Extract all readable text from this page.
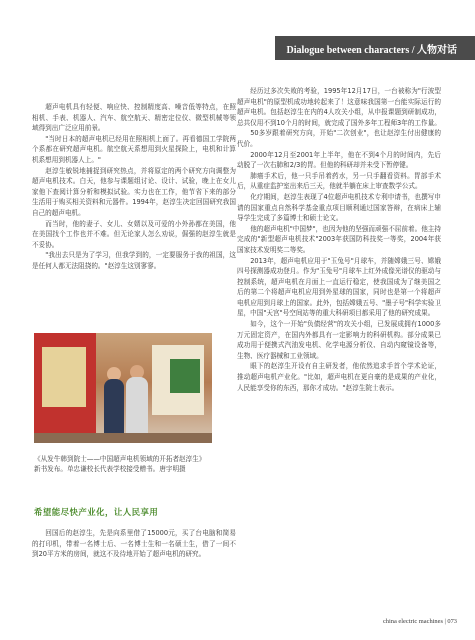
Dialogue between characters / 人物对话

超声电机具有轻便、响应快、控制精度高、噪音低等特点，在照相机、手表、机器人、汽车、航空航天、精密定位仪、微型机械等领域得到出广泛应用前景。

"当时日本的超声电机已经用在照相机上面了。再看德国工学院两个系都在研究超声电机。航空航天系想用到火星探险上，电机和计算机系想用到机器人上。"

赵淳生敏锐地捕捉到研究热点，并将原定的两个研究方向调整为超声电机技术。白天，他参与课题组讨论、设计、试验，晚上在女儿家他下查阅计算分析和模拟试验。实力也在工作，他节省下来的部分生活用于购买相关资料和元器件。1994年，赵淳生决定回国研究我国自己的超声电机。

而当时，他的妻子、女儿、女婿以及可爱的小外孙都在美国，他在美国找个工作也并不难。但无论家人怎么劝说，倔强的赵淳生就是不妥协。

"我出去只是为了学习，但我学到的，一定要服务于我的祖国，这是任何人都无法阻挠的。"赵淳生这别寥寥。

《从发牛韩到院士——中国超声电机领域的开拓者赵淳生》新书发布。单忠谦校长代表学校接受赠书。唐宇明摄

希望能尽快产业化，让人民享用

回国后的赵淳生，先是向系里借了15000元，买了台电脑和简易的打印机，带着一名博士后、一名博士生和一名硕士生，借了一间不到20平方米的房间，就这不及待地开始了超声电机的研究。

经历过多次失败的考验，1995年12月17日，一台被称为"行波型超声电机"的原型机成功地转起来了！这意味我国第一台能实际运行的超声电机。包括赵淳生在内的4人攻关小组，从申报课题到研制成功，总共仅用不到10个月的时间，就完成了国外多年工程师3年的工作量。

50多岁跟着研究方向，开始"二次创业"，也让赵淳生付出健康的代价。

2000年12月至2001年上半年，他在不到4个月的时间内，先后动脱了一次右肺和2/3的胃。但他的科研却并未受下暂停键。

肺癌手术后，他一只手吊着药水，另一只手翻看资料。胃部手术后，从重症监护室出来后三天，他就半躺在床上审查数学公式。

化疗期间，赵淳生表现了4位超声电机技术专利申请书，也撰写申请的国家重点自然科学基金重点项目顺利通过国家答辩，在病床上辅导学生完成了多篇博士和硕士论文。

他的超声电机"中国梦"，也因为他的坚强而顽强不屈前着。他主持完成的"新型超声电机技术"2003年获国防科技奖一等奖，2004年获国家技术发明奖二等奖。

2013年，超声电机应用于"玉兔号"月球车，并随嫦娥三号、嫦娥四号探测器成功登月。作为"玉兔号"月球车上红外成像光谱仪的驱动与控制系统，超声电机在月面上一直运行稳定，使我国成为了继美国之后的第二个将超声电机应用到外星球的国家，同时也是第一个将超声电机应用到月球上的国家。此外，包括嫦娥五号、"墨子号"科学实验卫星，中国"天宫"号空间站等的重大科研项目都采用了他的研究成果。

如今，这个一开始"负债经营"的攻关小组，已发展成拥有1000多万元固定资产，在国内外都具有一定影响力的科研机构。部分成果已成功用于便携式汽油发电机、化学电源分析仪、自动内窥镜设备等，生物、医疗器械和工业领域。

眼下的赵淳生开设有自主研发者，他依然追求手首个学术论证，推动超声电机产业化。"比如，超声电机在更自豪的是成果的产业化，人民能享受你的东西，那你才成功。"赵淳生院士表示。

china electric machines | 073
